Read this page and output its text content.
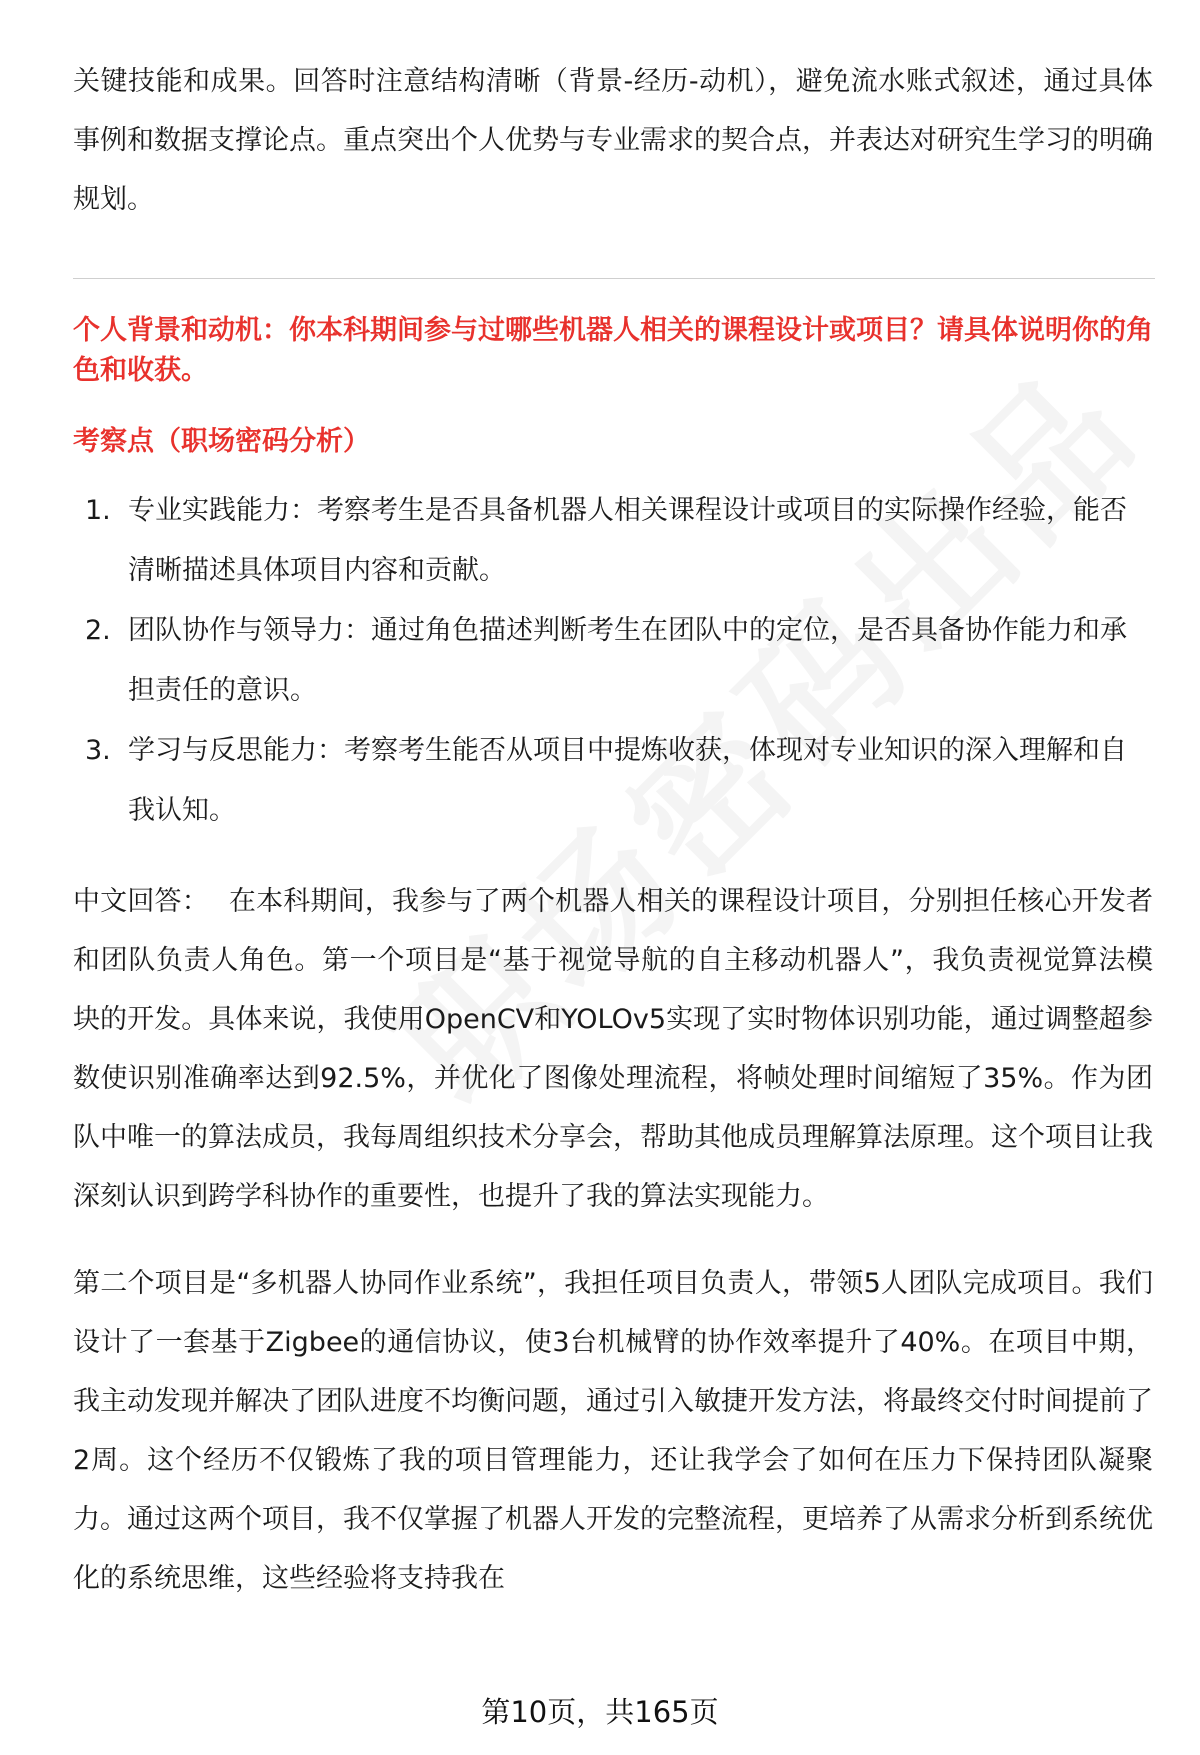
关键技能和成果。回答时注意结构清晰（背景-经历-动机），避免流水账式叙述，通过具体事例和数据支撑论点。重点突出个人优势与专业需求的契合点，并表达对研究生学习的明确规划。

个人背景和动机：你本科期间参与过哪些机器人相关的课程设计或项目？请具体说明你的角色和收获。

考察点（职场密码分析）

1. 专业实践能力：考察考生是否具备机器人相关课程设计或项目的实际操作经验，能否清晰描述具体项目内容和贡献。
2. 团队协作与领导力：通过角色描述判断考生在团队中的定位，是否具备协作能力和承担责任的意识。
3. 学习与反思能力：考察考生能否从项目中提炼收获，体现对专业知识的深入理解和自我认知。

中文回答： 在本科期间，我参与了两个机器人相关的课程设计项目，分别担任核心开发者和团队负责人角色。第一个项目是“基于视觉导航的自主移动机器人”，我负责视觉算法模块的开发。具体来说，我使用OpenCV和YOLOv5实现了实时物体识别功能，通过调整超参数使识别准确率达到92.5%，并优化了图像处理流程，将帧处理时间缩短了35%。作为团队中唯一的算法成员，我每周组织技术分享会，帮助其他成员理解算法原理。这个项目让我深刻认识到跨学科协作的重要性，也提升了我的算法实现能力。

第二个项目是“多机器人协同作业系统”，我担任项目负责人，带领5人团队完成项目。我们设计了一套基于Zigbee的通信协议，使3台机械臂的协作效率提升了40%。在项目中期，我主动发现并解决了团队进度不均衡问题，通过引入敏捷开发方法，将最终交付时间提前了2周。这个经历不仅锻炼了我的项目管理能力，还让我学会了如何在压力下保持团队凝聚力。通过这两个项目，我不仅掌握了机器人开发的完整流程，更培养了从需求分析到系统优化的系统思维，这些经验将支持我在

第10页，共165页
